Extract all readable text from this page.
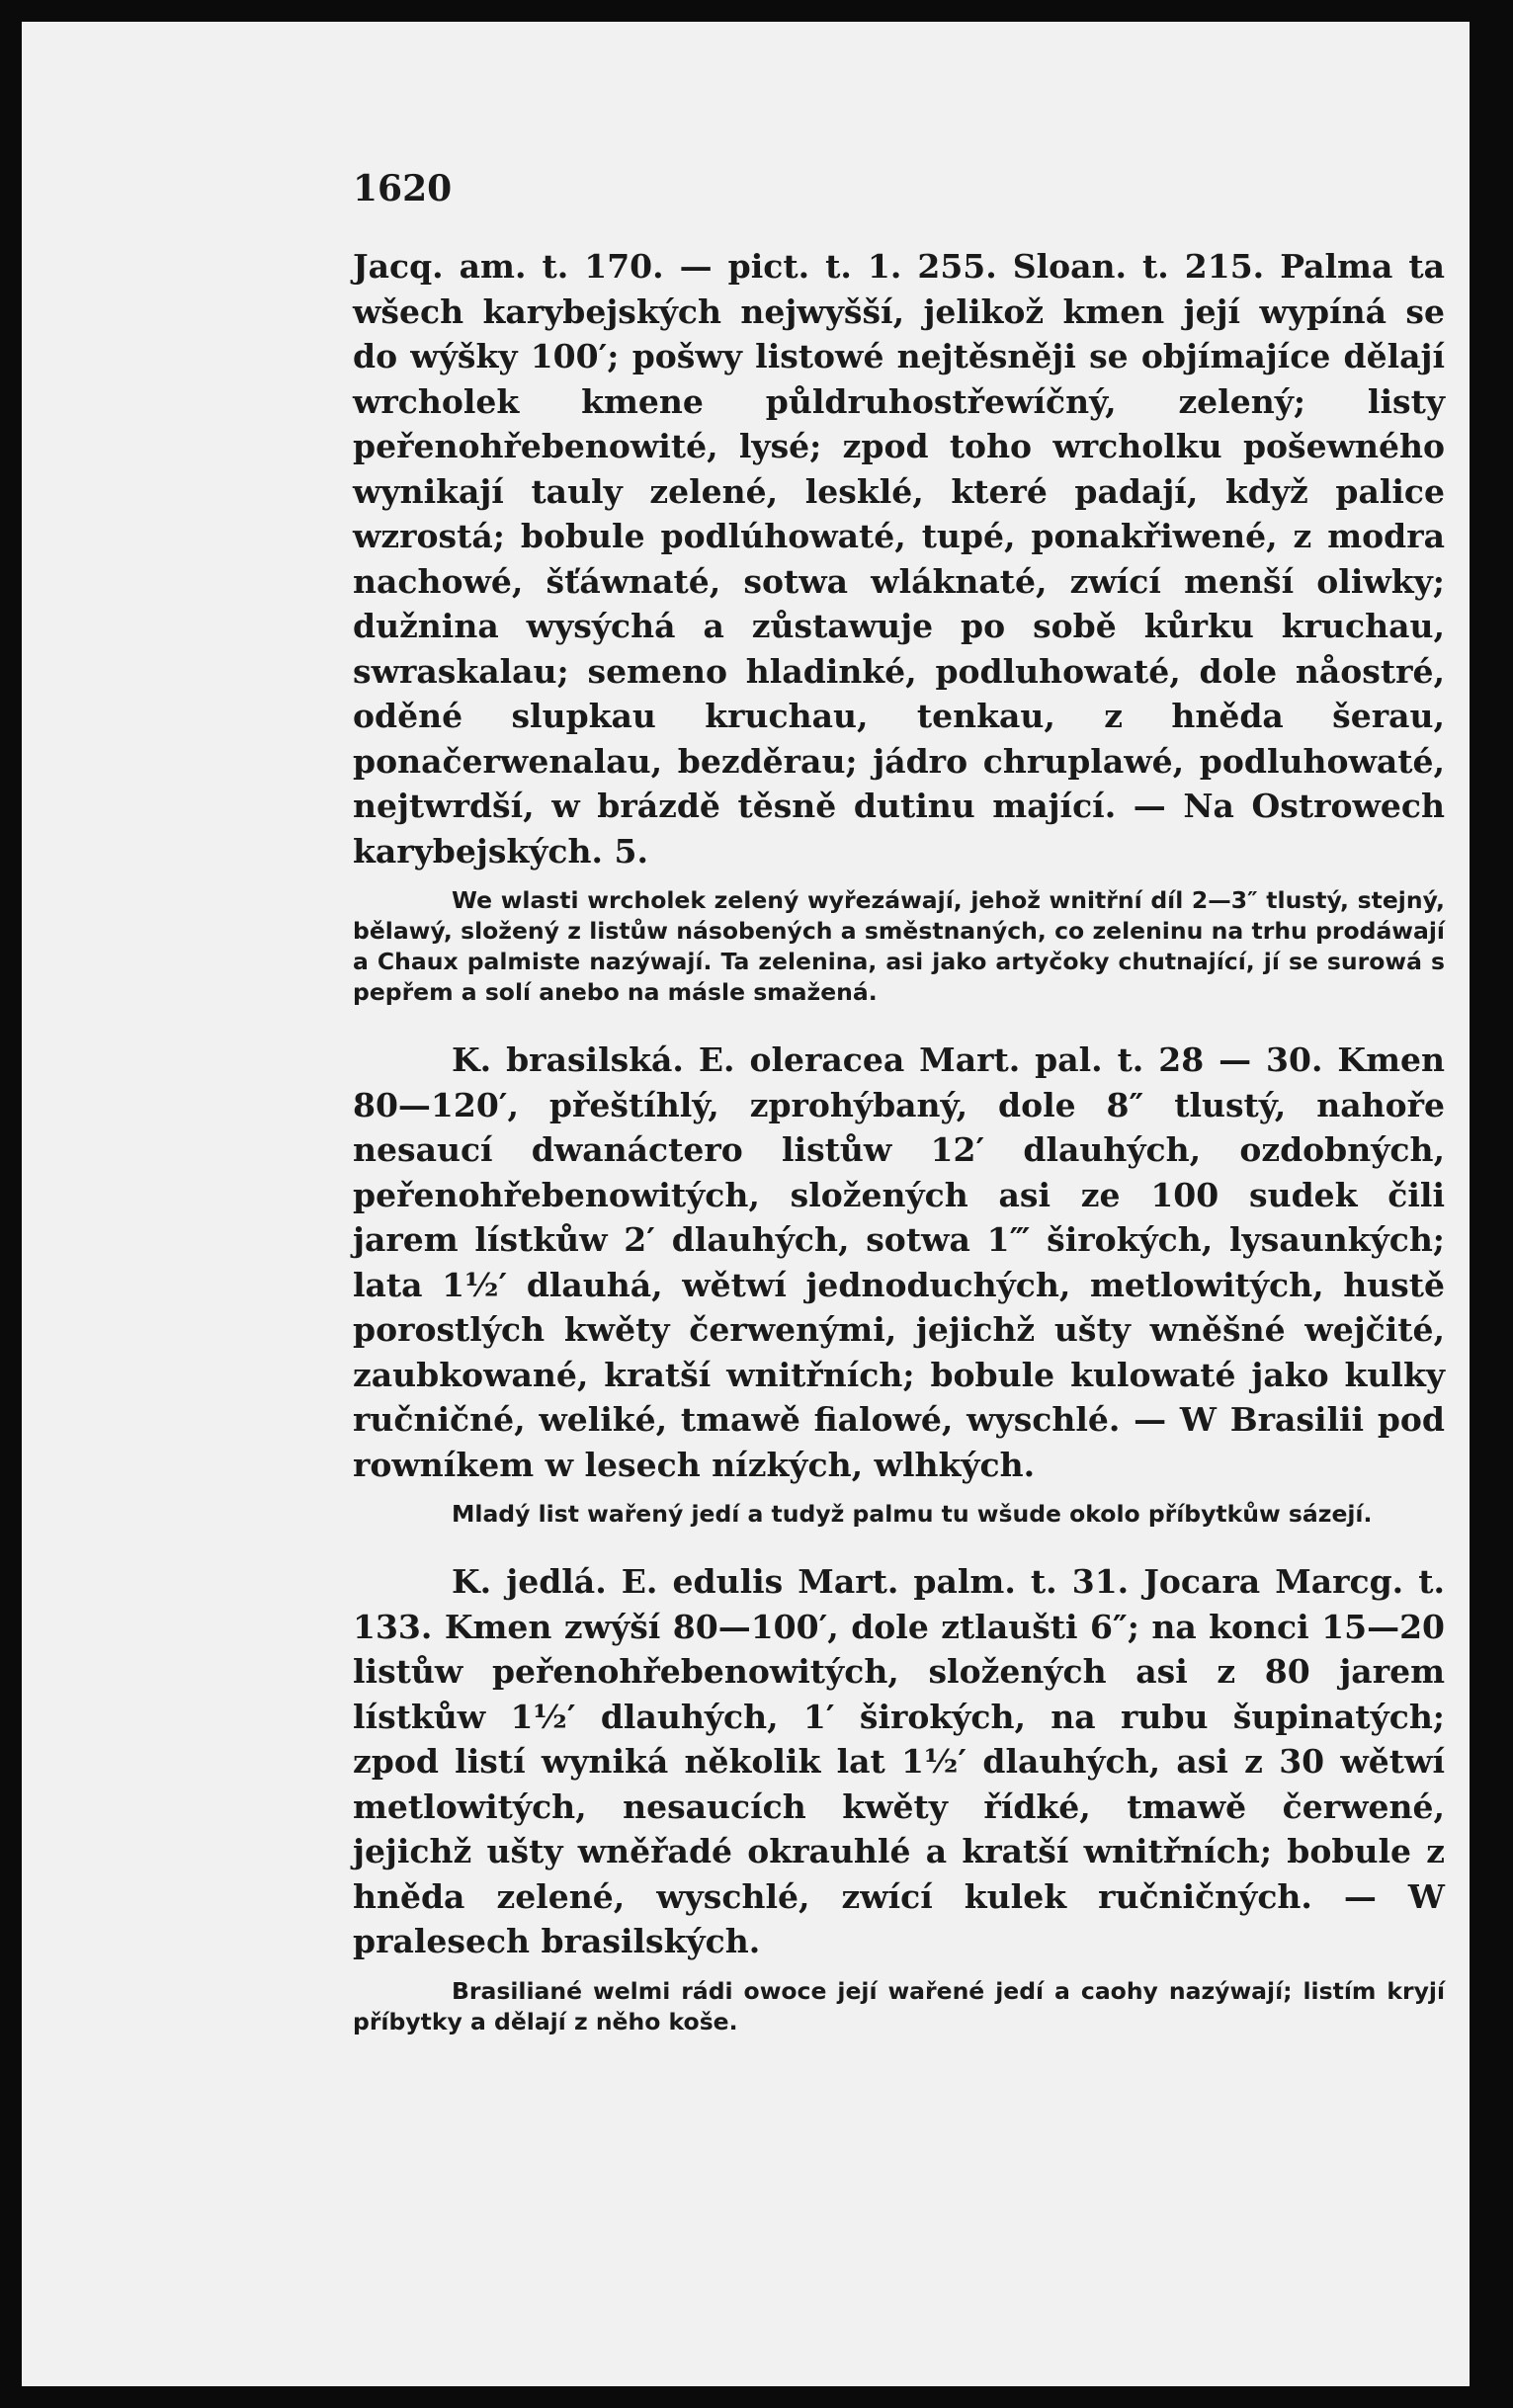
1620

Jacq. am. t. 170. — pict. t. 1. 255. Sloan. t. 215. Palma ta wšech karybejských nejwyšší, jelikož kmen její wypíná se do wýšky 100′; pošwy listowé nejtěsněji se objímajíce dělají wrcholek kmene půldruhostřewíčný, zelený; listy peřenohřebenowité, lysé; zpod toho wrcholku pošewného wynikají tauly zelené, lesklé, které padají, když palice wzrostá; bobule podlúhowaté, tupé, ponakřiwené, z modra nachowé, šťáwnaté, sotwa wláknaté, zwící menší oliwky; dužnina wysýchá a zůstawuje po sobě kůrku kruchau, swraskalau; semeno hladinké, podluhowaté, dole nåostré, oděné slupkau kruchau, tenkau, z hněda šerau, ponačerwenalau, bezděrau; jádro chruplawé, podluhowaté, nejtwrdší, w brázdě těsně dutinu mající. — Na Ostrowech karybejských. 5.

We wlasti wrcholek zelený wyřezáwají, jehož wnitřní díl 2—3″ tlustý, stejný, bělawý, složený z listůw násobených a směstnaných, co zeleninu na trhu prodáwají a Chaux palmiste nazýwají. Ta zelenina, asi jako artyčoky chutnající, jí se surowá s pepřem a solí anebo na másle smažená.

K. brasilská. E. oleracea Mart. pal. t. 28 — 30. Kmen 80—120′, přeštíhlý, zprohýbaný, dole 8″ tlustý, nahoře nesaucí dwanáctero listůw 12′ dlauhých, ozdobných, peřenohřebenowitých, složených asi ze 100 sudek čili jarem lístkůw 2′ dlauhých, sotwa 1‴ širokých, lysaunkých; lata 1½′ dlauhá, wětwí jednoduchých, metlowitých, hustě porostlých kwěty čerwenými, jejichž ušty wněšné wejčité, zaubkowané, kratší wnitřních; bobule kulowaté jako kulky ručničné, weliké, tmawě fialowé, wyschlé. — W Brasilii pod rowníkem w lesech nízkých, wlhkých.

Mladý list wařený jedí a tudyž palmu tu wšude okolo příbytkůw sázejí.

K. jedlá. E. edulis Mart. palm. t. 31. Jocara Marcg. t. 133. Kmen zwýší 80—100′, dole ztlaušti 6″; na konci 15—20 listůw peřenohřebenowitých, složených asi z 80 jarem lístkůw 1½′ dlauhých, 1′ širokých, na rubu šupinatých; zpod listí wyniká několik lat 1½′ dlauhých, asi z 30 wětwí metlowitých, nesaucích kwěty řídké, tmawě čerwené, jejichž ušty wněřadé okrauhlé a kratší wnitřních; bobule z hněda zelené, wyschlé, zwící kulek ručničných. — W pralesech brasilských.

Brasiliané welmi rádi owoce její wařené jedí a caohy nazýwají; listím kryjí příbytky a dělají z něho koše.
